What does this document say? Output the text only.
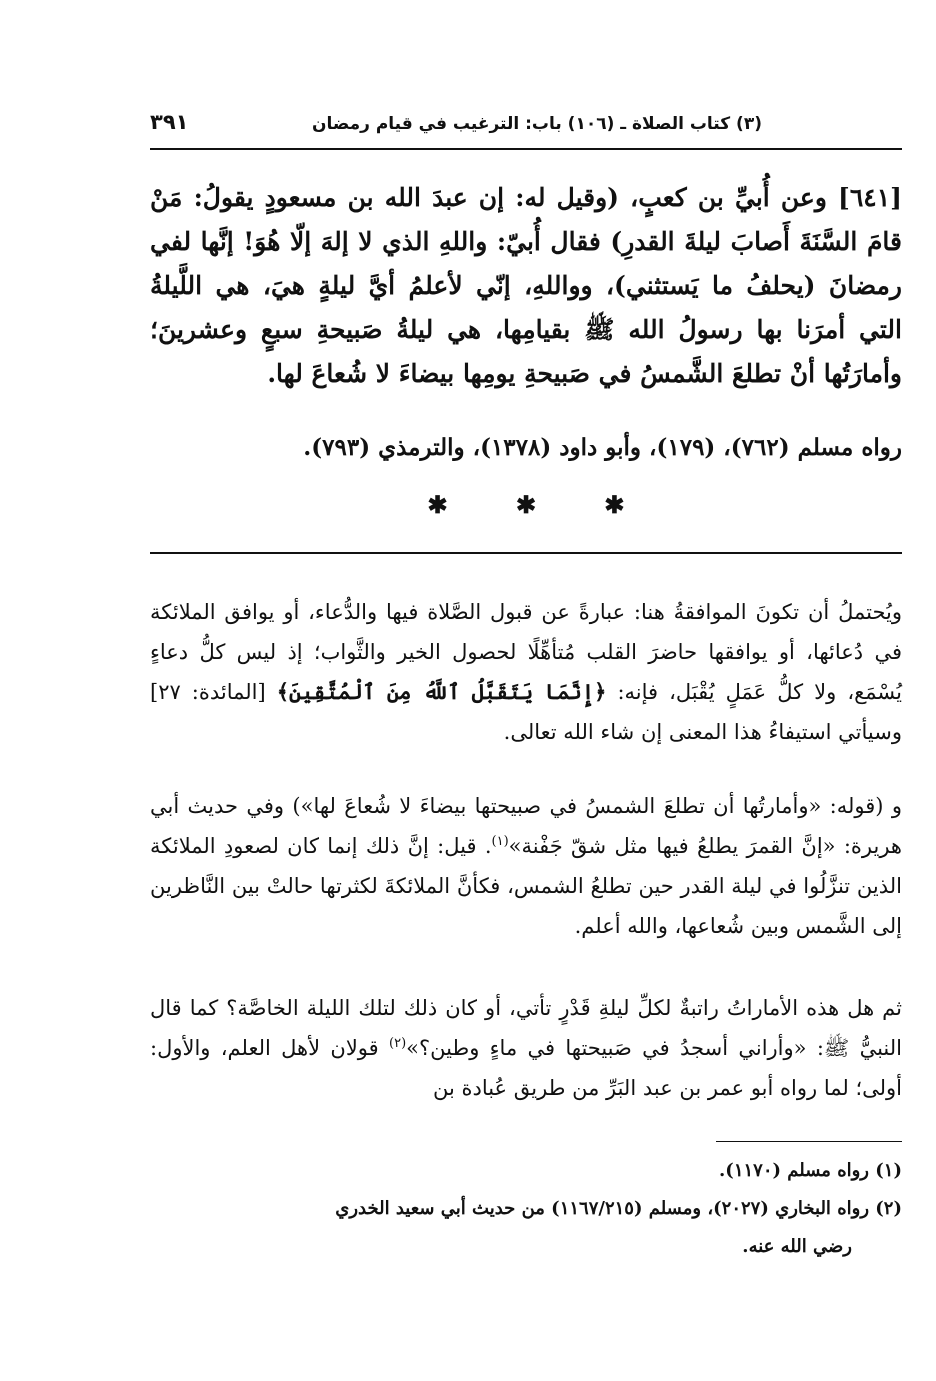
(٣) كتاب الصلاة ـ (١٠٦) باب: الترغيب في قيام رمضان
٣٩١
[٦٤١] وعن أُبيِّ بن كعبٍ، (وقيل له: إن عبدَ الله بن مسعودٍ يقولُ: مَنْ قامَ السَّنَةَ أَصابَ ليلةَ القدرِ) فقال أُبيّ: واللهِ الذي لا إلهَ إلّا هُوَ! إنَّها لفي رمضانَ (يحلفُ ما يَستثني)، وواللهِ، إنّي لأعلمُ أيَّ ليلةٍ هيَ، هي اللَّيلةُ التي أمرَنا بها رسولُ الله ﷺ بقيامِها، هي ليلةُ صَبيحةِ سبعٍ وعشرينَ؛ وأمارَتُها أنْ تطلعَ الشَّمسُ في صَبيحةِ يومِها بيضاءَ لا شُعاعَ لها.
رواه مسلم (٧٦٢)، (١٧٩)، وأبو داود (١٣٧٨)، والترمذي (٧٩٣).
✱	✱	✱
ويُحتملُ أن تكونَ الموافقةُ هنا: عبارةً عن قبول الصَّلاة فيها والدُّعاء، أو يوافق الملائكة في دُعائها، أو يوافقها حاضرَ القلب مُتأهِّلًا لحصول الخير والثَّواب؛ إذ ليس كلُّ دعاءٍ يُسْمَع، ولا كلُّ عَمَلٍ يُقْبَل، فإنه: ﴿إِنَّمَا يَتَقَبَّلُ ٱللَّهُ مِنَ ٱلْمُتَّقِينَ﴾ [المائدة: ٢٧] وسيأتي استيفاءُ هذا المعنى إن شاء الله تعالى.
و (قوله: «وأمارتُها أن تطلعَ الشمسُ في صبيحتها بيضاءَ لا شُعاعَ لها») وفي حديث أبي هريرة: «إنَّ القمرَ يطلعُ فيها مثل شقّ جَفْنة»$^{(١)}$. قيل: إنَّ ذلك إنما كان لصعودِ الملائكة الذين تنزَّلُوا في ليلة القدر حين تطلعُ الشمس، فكأنَّ الملائكةَ لكثرتها حالتْ بين النَّاظرين إلى الشَّمس وبين شُعاعها، والله أعلم.
ثم هل هذه الأماراتُ راتبةٌ لكلِّ ليلةِ قَدْرٍ تأتي، أو كان ذلك لتلك الليلة الخاصَّة؟ كما قال النبيُّ ﷺ: «وأراني أسجدُ في صَبيحتها في ماءٍ وطين؟»$^{(٢)}$ قولان لأهل العلم، والأول: أولى؛ لما رواه أبو عمر بن عبد البَرِّ من طريق عُبادة بن
(١) رواه مسلم (١١٧٠).
(٢) رواه البخاري (٢٠٢٧)، ومسلم (١١٦٧/٢١٥) من حديث أبي سعيد الخدري
رضي الله عنه.
